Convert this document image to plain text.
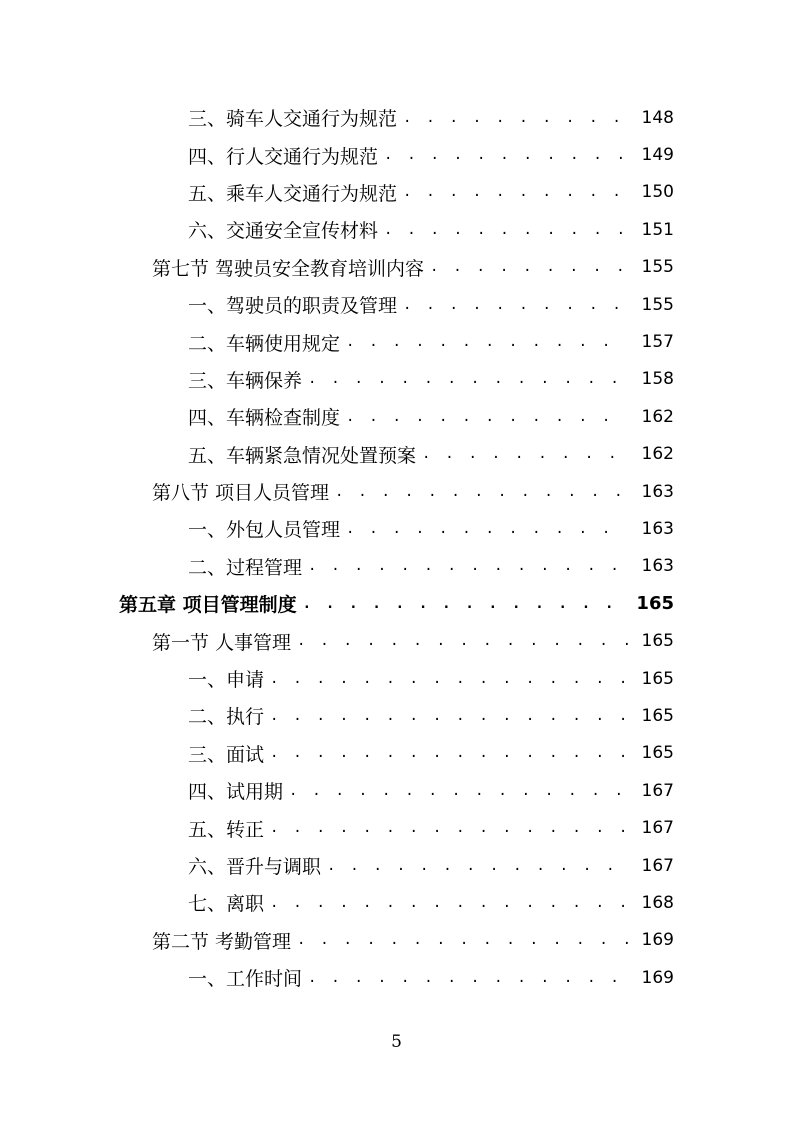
三、骑车人交通行为规范 . . .	148
四、行人交通行为规范 . . .	149
五、乘车人交通行为规范 . . .	150
六、交通安全宣传材料 . . .	151
第七节 驾驶员安全教育培训内容 . . .	155
一、驾驶员的职责及管理 . . .	155
二、车辆使用规定 . . .	157
三、车辆保养 . . .	158
四、车辆检查制度 . . .	162
五、车辆紧急情况处置预案 . . .	162
第八节 项目人员管理 . . .	163
一、外包人员管理 . . .	163
二、过程管理 . . .	163
第五章 项目管理制度 . . .	165
第一节 人事管理 . . .	165
一、申请 . . .	165
二、执行 . . .	165
三、面试 . . .	165
四、试用期 . . .	167
五、转正 . . .	167
六、晋升与调职 . . .	167
七、离职 . . .	168
第二节 考勤管理 . . .	169
一、工作时间 . . .	169
5
